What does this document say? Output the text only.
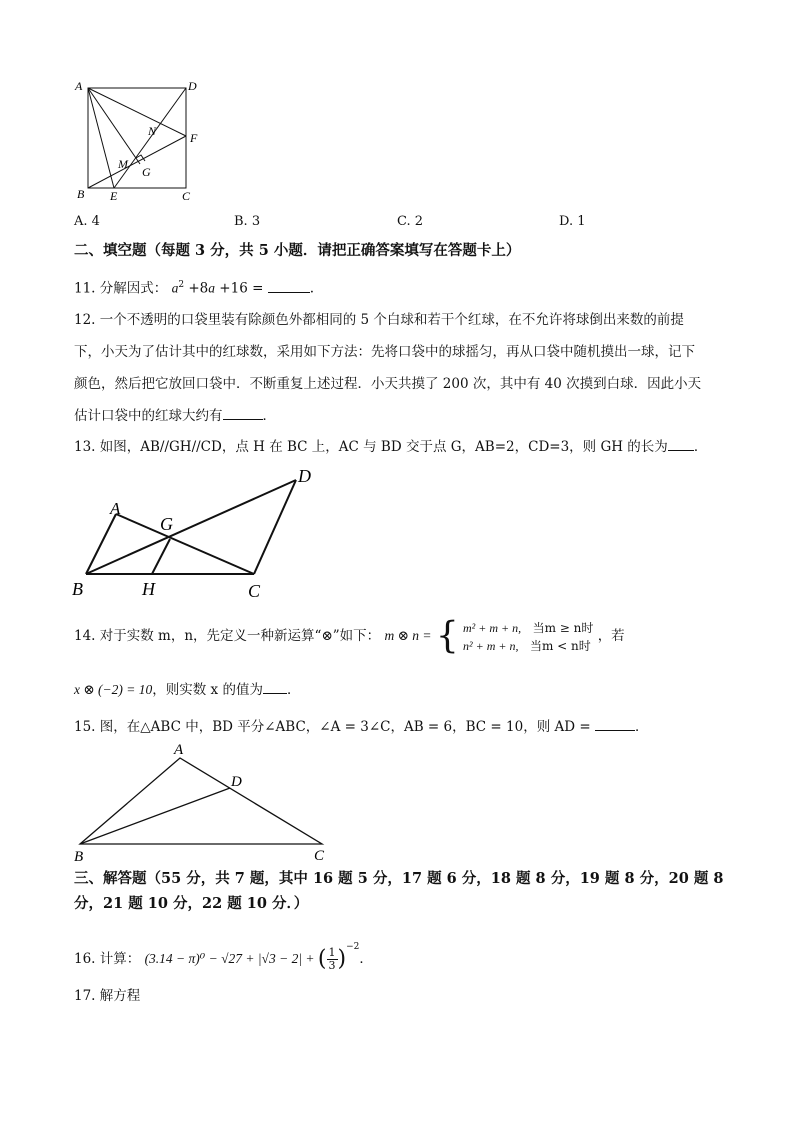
A	D
N	F
M
G
B E	C
A. 4	B. 3	C. 2	D. 1
二、填空题（每题 3 分，共 5 小题．请把正确答案填写在答题卡上）
11. 分解因式： $a^2 +8a +16$ =	.
12. 一个不透明的口袋里装有除颜色外都相同的 5 个白球和若干个红球，在不允许将球倒出来数的前提
下，小天为了估计其中的红球数，采用如下方法：先将口袋中的球摇匀，再从口袋中随机摸出一球，记下
颜色，然后把它放回口袋中．不断重复上述过程．小天共摸了 200 次，其中有 40 次摸到白球．因此小天
估计口袋中的红球大约有	．
13. 如图，AB//GH//CD，点 H 在 BC 上，AC 与 BD 交于点 G，AB=2，CD=3，则 GH 的长为 ．
A
G
D
B	H	C
14. 对于实数 m，n，先定义一种新运算“⊗”如下： m ⊗ n = { m² + m + n, 当m ≥ n时
n² + m + n, 当m < n时
，若
x ⊗ (−2) = 10，则实数 x 的值为 ．
15. 图，在△ABC 中，BD 平分∠ABC，∠A = 3∠C，AB = 6，BC = 10，则 AD =	．
A
D
B	C
三、解答题（55 分，共 7 题，其中 16 题 5 分，17 题 6 分，18 题 8 分，19 题 8 分，20 题 8
分，21 题 10 分，22 题 10 分．）
16. 计算： (3.14 − π)⁰ − √27 + |√3 − 2| + ( $\frac{1}{3} )^{-2}$．
17. 解方程
